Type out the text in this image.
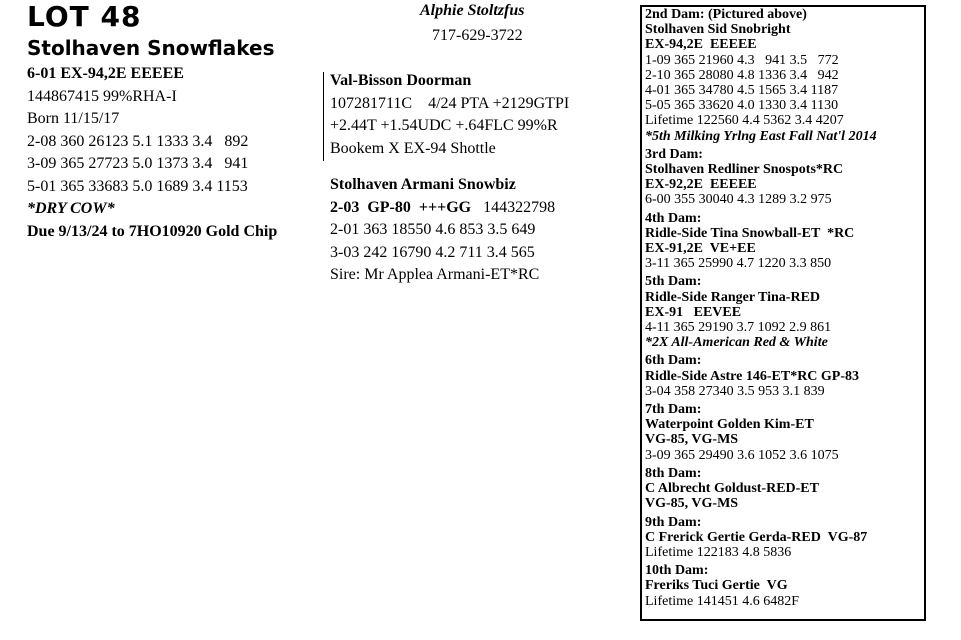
LOT 48
Stolhaven Snowflakes
6-01 EX-94,2E EEEEE
144867415 99%RHA-I
Born 11/15/17
2-08 360 26123 5.1 1333 3.4   892
3-09 365 27723 5.0 1373 3.4   941
5-01 365 33683 5.0 1689 3.4 1153
*DRY COW*
Due 9/13/24 to 7HO10920 Gold Chip
Alphie Stoltzfus
717-629-3722
Val-Bisson Doorman
107281711C    4/24 PTA +2129GTPI
+2.44T +1.54UDC +.64FLC 99%R
Bookem X EX-94 Shottle
Stolhaven Armani Snowbiz
2-03  GP-80  +++GG 144322798
2-01 363 18550 4.6 853 3.5 649
3-03 242 16790 4.2 711 3.4 565
Sire: Mr Applea Armani-ET*RC
2nd Dam: (Pictured above)
Stolhaven Sid Snobright
EX-94,2E  EEEEE
1-09 365 21960 4.3   941 3.5   772
2-10 365 28080 4.8 1336 3.4   942
4-01 365 34780 4.5 1565 3.4 1187
5-05 365 33620 4.0 1330 3.4 1130
Lifetime 122560 4.4 5362 3.4 4207
*5th Milking Yrlng East Fall Nat'l 2014
3rd Dam:
Stolhaven Redliner Snospots*RC
EX-92,2E  EEEEE
6-00 355 30040 4.3 1289 3.2 975
4th Dam:
Ridle-Side Tina Snowball-ET  *RC
EX-91,2E  VE+EE
3-11 365 25990 4.7 1220 3.3 850
5th Dam:
Ridle-Side Ranger Tina-RED
EX-91   EEVEE
4-11 365 29190 3.7 1092 2.9 861
*2X All-American Red & White
6th Dam:
Ridle-Side Astre 146-ET*RC GP-83
3-04 358 27340 3.5 953 3.1 839
7th Dam:
Waterpoint Golden Kim-ET
VG-85, VG-MS
3-09 365 29490 3.6 1052 3.6 1075
8th Dam:
C Albrecht Goldust-RED-ET
VG-85, VG-MS
9th Dam:
C Frerick Gertie Gerda-RED  VG-87
Lifetime 122183 4.8 5836
10th Dam:
Freriks Tuci Gertie  VG
Lifetime 141451 4.6 6482F
